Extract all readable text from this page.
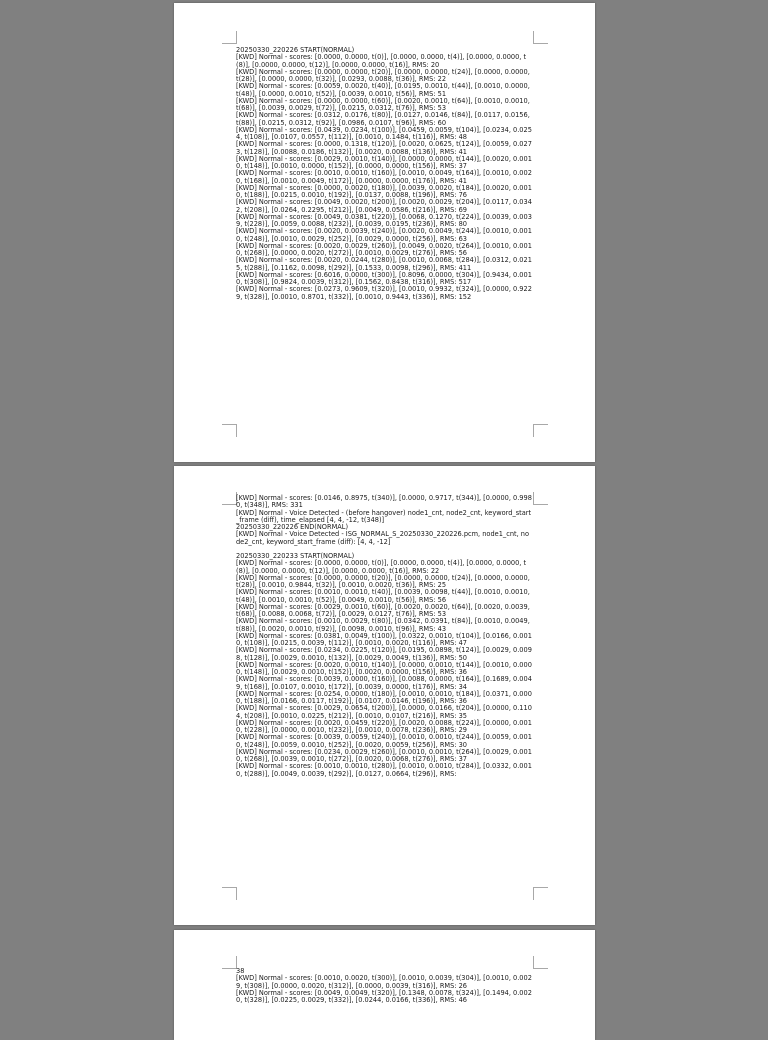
20250330_220226 START(NORMAL)
[KWD] Normal - scores: [0.0000, 0.0000, t(0)], [0.0000, 0.0000, t(4)], [0.0000, 0.0000, t(8)], [0.0000, 0.0000, t(12)], [0.0000, 0.0000, t(16)], RMS: 20
[KWD] Normal - scores: [0.0000, 0.0000, t(20)], [0.0000, 0.0000, t(24)], [0.0000, 0.0000, t(28)], [0.0000, 0.0000, t(32)], [0.0293, 0.0088, t(36)], RMS: 22
[KWD] Normal - scores: [0.0059, 0.0020, t(40)], [0.0195, 0.0010, t(44)], [0.0010, 0.0000, t(48)], [0.0000, 0.0010, t(52)], [0.0039, 0.0010, t(56)], RMS: 51
[KWD] Normal - scores: [0.0000, 0.0000, t(60)], [0.0020, 0.0010, t(64)], [0.0010, 0.0010, t(68)], [0.0039, 0.0029, t(72)], [0.0215, 0.0312, t(76)], RMS: 53
[KWD] Normal - scores: [0.0312, 0.0176, t(80)], [0.0127, 0.0146, t(84)], [0.0117, 0.0156, t(88)], [0.0215, 0.0312, t(92)], [0.0986, 0.0107, t(96)], RMS: 60
[KWD] Normal - scores: [0.0439, 0.0234, t(100)], [0.0459, 0.0059, t(104)], [0.0234, 0.0254, t(108)], [0.0107, 0.0557, t(112)], [0.0010, 0.1484, t(116)], RMS: 48
[KWD] Normal - scores: [0.0000, 0.1318, t(120)], [0.0020, 0.0625, t(124)], [0.0059, 0.0273, t(128)], [0.0088, 0.0186, t(132)], [0.0020, 0.0088, t(136)], RMS: 41
[KWD] Normal - scores: [0.0029, 0.0010, t(140)], [0.0000, 0.0000, t(144)], [0.0020, 0.0010, t(148)], [0.0010, 0.0000, t(152)], [0.0000, 0.0000, t(156)], RMS: 37
[KWD] Normal - scores: [0.0010, 0.0010, t(160)], [0.0010, 0.0049, t(164)], [0.0010, 0.0020, t(168)], [0.0010, 0.0049, t(172)], [0.0000, 0.0000, t(176)], RMS: 41
[KWD] Normal - scores: [0.0000, 0.0020, t(180)], [0.0039, 0.0020, t(184)], [0.0020, 0.0010, t(188)], [0.0215, 0.0010, t(192)], [0.0137, 0.0088, t(196)], RMS: 76
[KWD] Normal - scores: [0.0049, 0.0020, t(200)], [0.0020, 0.0029, t(204)], [0.0117, 0.0342, t(208)], [0.0264, 0.2295, t(212)], [0.0049, 0.0586, t(216)], RMS: 69
[KWD] Normal - scores: [0.0049, 0.0381, t(220)], [0.0068, 0.1270, t(224)], [0.0039, 0.0039, t(228)], [0.0059, 0.0088, t(232)], [0.0039, 0.0195, t(236)], RMS: 80
[KWD] Normal - scores: [0.0020, 0.0039, t(240)], [0.0020, 0.0049, t(244)], [0.0010, 0.0010, t(248)], [0.0010, 0.0029, t(252)], [0.0029, 0.0000, t(256)], RMS: 63
[KWD] Normal - scores: [0.0020, 0.0029, t(260)], [0.0049, 0.0020, t(264)], [0.0010, 0.0010, t(268)], [0.0000, 0.0020, t(272)], [0.0010, 0.0029, t(276)], RMS: 56
[KWD] Normal - scores: [0.0020, 0.0244, t(280)], [0.0010, 0.0068, t(284)], [0.0312, 0.0215, t(288)], [0.1162, 0.0098, t(292)], [0.1533, 0.0098, t(296)], RMS: 411
[KWD] Normal - scores: [0.6016, 0.0000, t(300)], [0.8096, 0.0000, t(304)], [0.9434, 0.0010, t(308)], [0.9824, 0.0039, t(312)], [0.1562, 0.8438, t(316)], RMS: 517
[KWD] Normal - scores: [0.0273, 0.9609, t(320)], [0.0010, 0.9932, t(324)], [0.0000, 0.9229, t(328)], [0.0010, 0.8701, t(332)], [0.0010, 0.9443, t(336)], RMS: 152
[KWD] Normal - scores: [0.0146, 0.8975, t(340)], [0.0000, 0.9717, t(344)], [0.0000, 0.9980, t(348)], RMS: 331
[KWD] Normal - Voice Detected - (before hangover) node1_cnt, node2_cnt, keyword_start_frame (diff), time_elapsed [4, 4, -12, t(348)]
20250330_220226 END(NORMAL)
[KWD] Normal - Voice Detected - ISG_NORMAL_S_20250330_220226.pcm, node1_cnt, node2_cnt, keyword_start_frame (diff): [4, 4, -12]
20250330_220233 START(NORMAL)
[KWD] Normal - scores: [0.0000, 0.0000, t(0)], [0.0000, 0.0000, t(4)], [0.0000, 0.0000, t(8)], [0.0000, 0.0000, t(12)], [0.0000, 0.0000, t(16)], RMS: 22
[KWD] Normal - scores: [0.0000, 0.0000, t(20)], [0.0000, 0.0000, t(24)], [0.0000, 0.0000, t(28)], [0.0010, 0.9844, t(32)], [0.0010, 0.0020, t(36)], RMS: 25
[KWD] Normal - scores: [0.0010, 0.0010, t(40)], [0.0039, 0.0098, t(44)], [0.0010, 0.0010, t(48)], [0.0010, 0.0010, t(52)], [0.0049, 0.0010, t(56)], RMS: 56
[KWD] Normal - scores: [0.0029, 0.0010, t(60)], [0.0020, 0.0020, t(64)], [0.0020, 0.0039, t(68)], [0.0088, 0.0068, t(72)], [0.0029, 0.0127, t(76)], RMS: 53
[KWD] Normal - scores: [0.0010, 0.0029, t(80)], [0.0342, 0.0391, t(84)], [0.0010, 0.0049, t(88)], [0.0020, 0.0010, t(92)], [0.0098, 0.0010, t(96)], RMS: 43
[KWD] Normal - scores: [0.0381, 0.0049, t(100)], [0.0322, 0.0010, t(104)], [0.0166, 0.0010, t(108)], [0.0215, 0.0039, t(112)], [0.0010, 0.0020, t(116)], RMS: 47
[KWD] Normal - scores: [0.0234, 0.0225, t(120)], [0.0195, 0.0898, t(124)], [0.0029, 0.0098, t(128)], [0.0029, 0.0010, t(132)], [0.0029, 0.0049, t(136)], RMS: 50
[KWD] Normal - scores: [0.0020, 0.0010, t(140)], [0.0000, 0.0010, t(144)], [0.0010, 0.0000, t(148)], [0.0029, 0.0010, t(152)], [0.0020, 0.0000, t(156)], RMS: 36
[KWD] Normal - scores: [0.0039, 0.0000, t(160)], [0.0088, 0.0000, t(164)], [0.1689, 0.0049, t(168)], [0.0107, 0.0010, t(172)], [0.0039, 0.0000, t(176)], RMS: 34
[KWD] Normal - scores: [0.0254, 0.0000, t(180)], [0.0010, 0.0010, t(184)], [0.0371, 0.0000, t(188)], [0.0166, 0.0117, t(192)], [0.0107, 0.0146, t(196)], RMS: 36
[KWD] Normal - scores: [0.0029, 0.0654, t(200)], [0.0000, 0.0166, t(204)], [0.0000, 0.1104, t(208)], [0.0010, 0.0225, t(212)], [0.0010, 0.0107, t(216)], RMS: 35
[KWD] Normal - scores: [0.0020, 0.0459, t(220)], [0.0020, 0.0088, t(224)], [0.0000, 0.0010, t(228)], [0.0000, 0.0010, t(232)], [0.0010, 0.0078, t(236)], RMS: 29
[KWD] Normal - scores: [0.0039, 0.0059, t(240)], [0.0010, 0.0010, t(244)], [0.0059, 0.0010, t(248)], [0.0059, 0.0010, t(252)], [0.0020, 0.0059, t(256)], RMS: 30
[KWD] Normal - scores: [0.0234, 0.0029, t(260)], [0.0010, 0.0010, t(264)], [0.0029, 0.0010, t(268)], [0.0039, 0.0010, t(272)], [0.0020, 0.0068, t(276)], RMS: 37
[KWD] Normal - scores: [0.0010, 0.0010, t(280)], [0.0010, 0.0010, t(284)], [0.0332, 0.0010, t(288)], [0.0049, 0.0039, t(292)], [0.0127, 0.0664, t(296)], RMS:
38
[KWD] Normal - scores: [0.0010, 0.0020, t(300)], [0.0010, 0.0039, t(304)], [0.0010, 0.0029, t(308)], [0.0000, 0.0020, t(312)], [0.0000, 0.0039, t(316)], RMS: 26
[KWD] Normal - scores: [0.0049, 0.0049, t(320)], [0.1348, 0.0078, t(324)], [0.1494, 0.0020, t(328)], [0.0225, 0.0029, t(332)], [0.0244, 0.0166, t(336)], RMS: 46
